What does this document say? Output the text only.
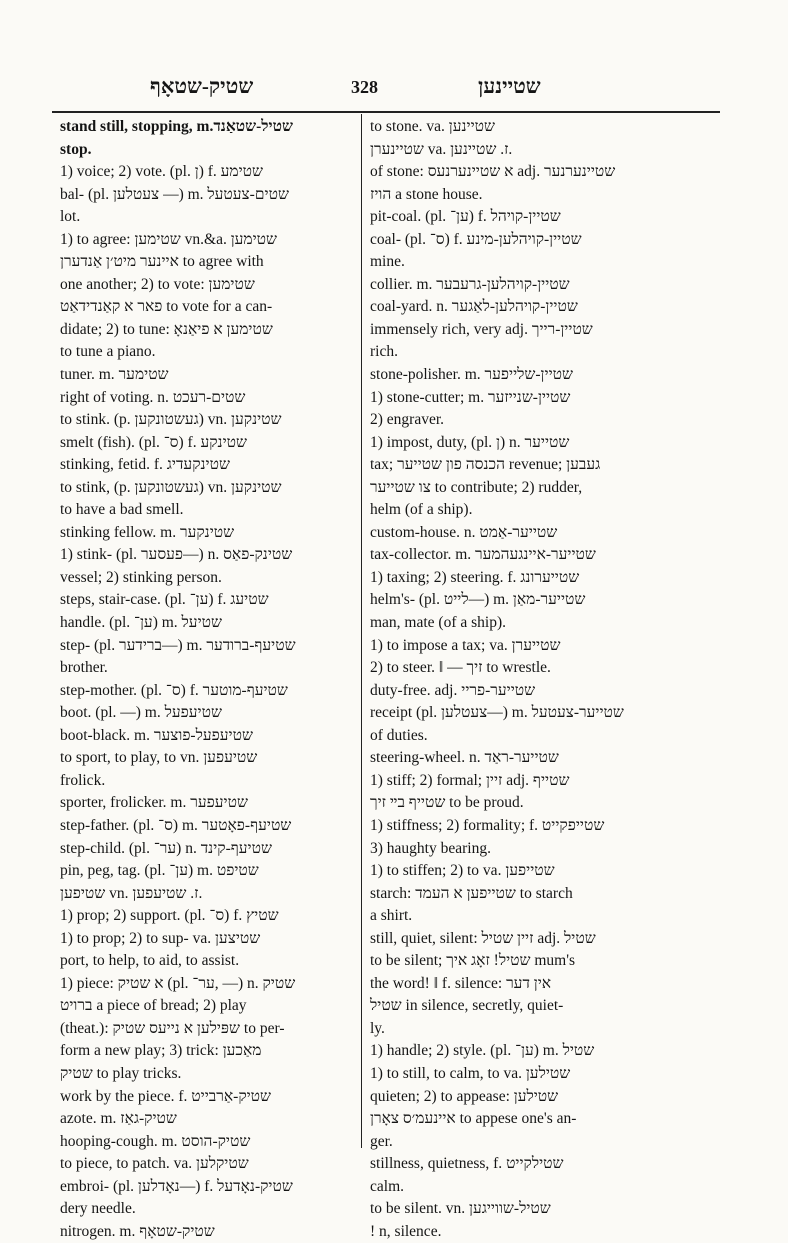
שטיק-שטאָף	328	שטיינען
stand still, stopping, m.שטיל-שטאַנד
stop.
1) voice; 2) vote. (pl. ן) f. שטימע
bal- (pl. צעטלען —) m. שטים-צעטעל
lot.
1) to agree: שטימען vn.&a. שטימען
איינער מיט׳ן אַנדערן to agree with
one another; 2) to vote: שטימען
פאר א קאַנדידאַט to vote for a can-
didate; 2) to tune: שטימען א פיאַנאָ
to tune a piano.
tuner. m. שטימער
right of voting. n. שטים-רעכט
to stink. (p. געשטונקען) vn. שטינקען
smelt (fish). (pl. ס־) f. שטינקע
stinking, fetid. f. שטינקעדיג
to stink, (p. געשטונקען) vn. שטינקען
to have a bad smell.
stinking fellow. m. שטינקער
1) stink- (pl. פעסער—) n. שטינק-פאַס
vessel; 2) stinking person.
steps, stair-case. (pl. ען־) f. שטיעג
handle. (pl. ען־) m. שטיעל
step- (pl. ברידער—) m. שטיעף-ברודער
brother.
step-mother. (pl. ס־) f. שטיעף-מוטער
boot. (pl. —) m. שטיעפעל
boot-black. m. שטיעפעל-פוצער
to sport, to play, to vn. שטיעפען
frolick.
sporter, frolicker. m. שטיעפער
step-father. (pl. ס־) m. שטיעף-פאָטער
step-child. (pl. ער־) n. שטיעף-קינד
pin, peg, tag. (pl. ען־) m. שטיפט
שטיפען vn. ז. שטיעפען.
1) prop; 2) support. (pl. ס־) f. שטיץ
1) to prop; 2) to sup- va. שטיצען
port, to help, to aid, to assist.
1) piece: א שטיק (pl. ער־, —) n. שטיק
ברויט a piece of bread; 2) play
(theat.): שפּילען א נייעס שטיק to per-
form a new play; 3) trick: מאַכען
שטיק to play tricks.
work by the piece. f. שטיק-אַרבייט
azote. m. שטיק-גאַז
hooping-cough. m. שטיק-הוסט
to piece, to patch. va. שטיקלען
embroi- (pl. נאָדלען—) f. שטיק-נאָדעל
dery needle.
nitrogen. m. שטיק-שטאָף
to stone. va. שטיינען
שטיינערן va. ז. שטיינען.
of stone: א שטיינערנעס adj. שטיינערנער
הויז a stone house.
pit-coal. (pl. ען־) f. שטיין-קויהל
coal- (pl. ס־) f. שטיין-קויהלען-מינע
mine.
collier. m. שטיין-קויהלען-גרעבער
coal-yard. n. שטיין-קויהלען-לאַגער
immensely rich, very adj. שטיין-רייך
rich.
stone-polisher. m. שטיין-שלייפער
1) stone-cutter; m. שטיין-שנייזער
2) engraver.
1) impost, duty, (pl. ן) n. שטייער
tax; הכנסה פון שטייער revenue; געבען
צו שטייער to contribute; 2) rudder,
helm (of a ship).
custom-house. n. שטייער-אַמט
tax-collector. m. שטייער-איינגעהמער
1) taxing; 2) steering. f. שטייערונג
helm's- (pl. לייט—) m. שטייער-מאַן
man, mate (of a ship).
1) to impose a tax; va. שטייערן
2) to steer. ‖ — זיך to wrestle.
duty-free. adj. שטייער-פריי
receipt (pl. צעטלען—) m. שטייער-צעטעל
of duties.
steering-wheel. n. שטייער-ראַד
1) stiff; 2) formal; זיין adj. שטייף
שטייף בײ זיך to be proud.
1) stiffness; 2) formality; f. שטייפקייט
3) haughty bearing.
1) to stiffen; 2) to va. שטייפען
starch: שטייפען א העמד to starch
a shirt.
still, quiet, silent: זיין שטיל adj. שטיל
to be silent; שטיל! זאָג איך mum's
the word! ‖ f. silence: אין דער
שטיל in silence, secretly, quiet-
ly.
1) handle; 2) style. (pl. ען־) m. שטיל
1) to still, to calm, to va. שטילען
quieten; 2) to appease: שטילען
איינעמ׳ס צאָרן to appese one's an-
ger.
stillness, quietness, f. שטילקייט
calm.
to be silent. vn. שטיל-שווייגען
! n, silence.
